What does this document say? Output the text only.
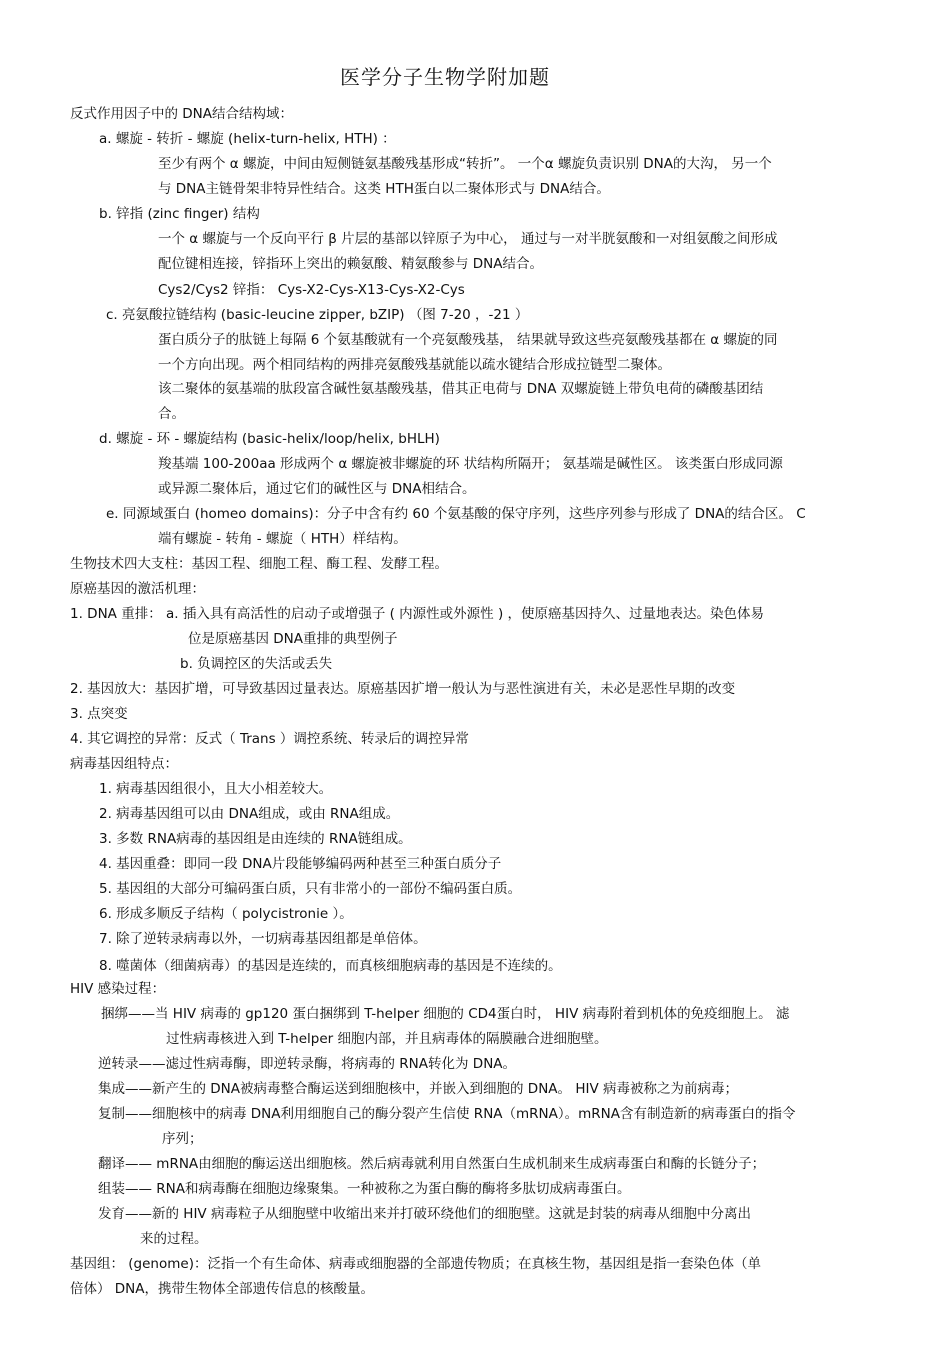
医学分子生物学附加题
反式作用因子中的 DNA结合结构域：
a. 螺旋 - 转折 - 螺旋 (helix-turn-helix, HTH) ：
至少有两个 α 螺旋，中间由短侧链氨基酸残基形成“转折”。 一个α 螺旋负责识别 DNA的大沟， 另一个
与 DNA主链骨架非特异性结合。这类 HTH蛋白以二聚体形式与 DNA结合。
b. 锌指 (zinc finger) 结构
一个 α 螺旋与一个反向平行 β 片层的基部以锌原子为中心， 通过与一对半胱氨酸和一对组氨酸之间形成
配位键相连接，锌指环上突出的赖氨酸、精氨酸参与 DNA结合。
Cys2/Cys2 锌指： Cys-X2-Cys-X13-Cys-X2-Cys
c. 亮氨酸拉链结构 (basic-leucine zipper, bZIP) （图 7-20 ，-21 ）
蛋白质分子的肽链上每隔 6 个氨基酸就有一个亮氨酸残基， 结果就导致这些亮氨酸残基都在 α 螺旋的同
一个方向出现。两个相同结构的两排亮氨酸残基就能以疏水键结合形成拉链型二聚体。
该二聚体的氨基端的肽段富含碱性氨基酸残基，借其正电荷与 DNA 双螺旋链上带负电荷的磷酸基团结
合。
d. 螺旋 - 环 - 螺旋结构 (basic-helix/loop/helix, bHLH)
羧基端 100-200aa 形成两个 α 螺旋被非螺旋的环 状结构所隔开； 氨基端是碱性区。 该类蛋白形成同源
或异源二聚体后，通过它们的碱性区与 DNA相结合。
e. 同源域蛋白 (homeo domains)：分子中含有约 60 个氨基酸的保守序列，这些序列参与形成了 DNA的结合区。 C
端有螺旋 - 转角 - 螺旋（ HTH）样结构。
生物技术四大支柱：基因工程、细胞工程、酶工程、发酵工程。
原癌基因的激活机理：
1. DNA 重排： a. 插入具有高活性的启动子或增强子 ( 内源性或外源性 ) ，使原癌基因持久、过量地表达。染色体易
位是原癌基因 DNA重排的典型例子
b. 负调控区的失活或丢失
2. 基因放大：基因扩增，可导致基因过量表达。原癌基因扩增一般认为与恶性演进有关，未必是恶性早期的改变
3. 点突变
4. 其它调控的异常：反式（ Trans ）调控系统、转录后的调控异常
病毒基因组特点：
1. 病毒基因组很小，且大小相差较大。
2. 病毒基因组可以由 DNA组成，或由 RNA组成。
3. 多数 RNA病毒的基因组是由连续的 RNA链组成。
4. 基因重叠：即同一段 DNA片段能够编码两种甚至三种蛋白质分子
5. 基因组的大部分可编码蛋白质，只有非常小的一部份不编码蛋白质。
6. 形成多顺反子结构（ polycistronie ）。
7. 除了逆转录病毒以外，一切病毒基因组都是单倍体。
8. 噬菌体（细菌病毒）的基因是连续的，而真核细胞病毒的基因是不连续的。
HIV 感染过程：
捆绑——当 HIV 病毒的 gp120 蛋白捆绑到 T-helper 细胞的 CD4蛋白时， HIV 病毒附着到机体的免疫细胞上。 滤
过性病毒核进入到 T-helper 细胞内部，并且病毒体的隔膜融合进细胞壁。
逆转录——滤过性病毒酶，即逆转录酶，将病毒的 RNA转化为 DNA。
集成——新产生的 DNA被病毒整合酶运送到细胞核中，并嵌入到细胞的 DNA。 HIV 病毒被称之为前病毒；
复制——细胞核中的病毒 DNA利用细胞自己的酶分裂产生信使 RNA（mRNA）。mRNA含有制造新的病毒蛋白的指令
序列；
翻译—— mRNA由细胞的酶运送出细胞核。然后病毒就利用自然蛋白生成机制来生成病毒蛋白和酶的长链分子；
组装—— RNA和病毒酶在细胞边缘聚集。一种被称之为蛋白酶的酶将多肽切成病毒蛋白。
发育——新的 HIV 病毒粒子从细胞壁中收缩出来并打破环绕他们的细胞壁。这就是封装的病毒从细胞中分离出
来的过程。
基因组： (genome)：泛指一个有生命体、病毒或细胞器的全部遗传物质；在真核生物，基因组是指一套染色体（单
倍体） DNA，携带生物体全部遗传信息的核酸量。
